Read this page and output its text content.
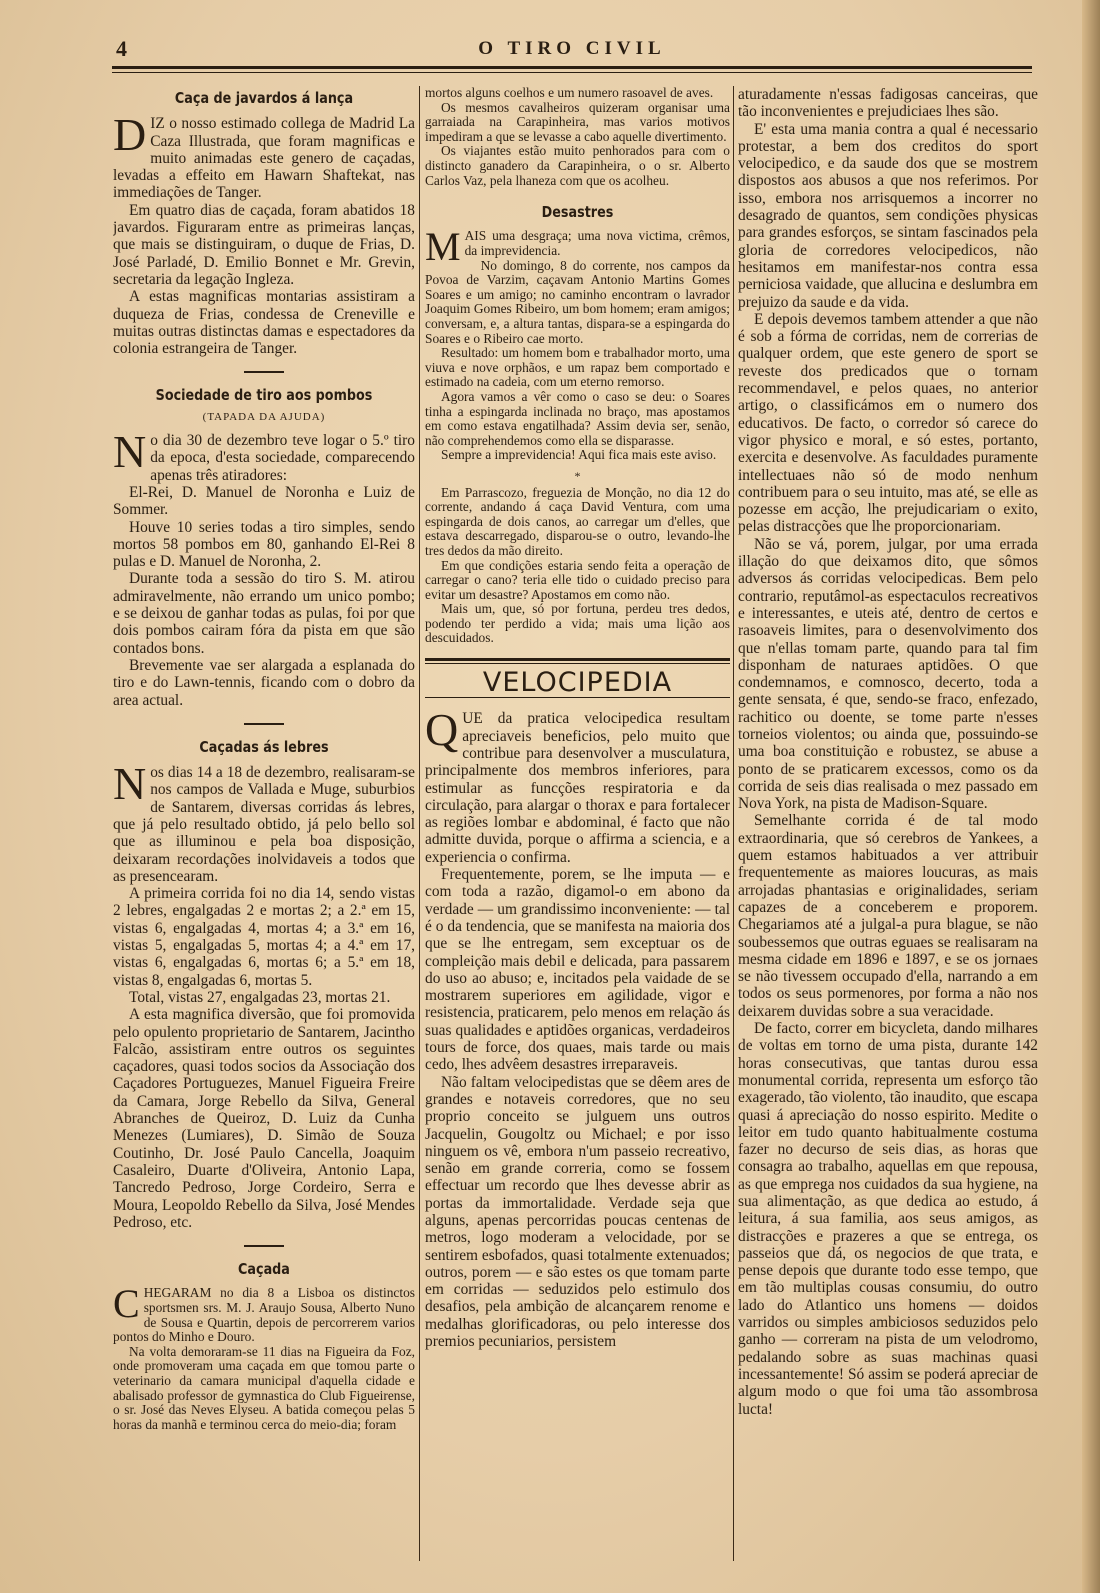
4	O TIRO CIVIL
Caça de javardos á lança

DIZ o nosso estimado collega de Madrid La Caza Illustrada, que foram magnificas e muito animadas este genero de caçadas, levadas a effeito em Hawarn Shaftekat, nas immediações de Tanger.

Em quatro dias de caçada, foram abatidos 18 javardos. Figuraram entre as primeiras lanças, que mais se distinguiram, o duque de Frias, D. José Parladé, D. Emilio Bonnet e Mr. Grevin, secretaria da legação Ingleza.

A estas magnificas montarias assistiram a duqueza de Frias, condessa de Creneville e muitas outras distinctas damas e espectadores da colonia estrangeira de Tanger.

Sociedade de tiro aos pombos
(TAPADA DA AJUDA)

No dia 30 de dezembro teve logar o 5.º tiro da epoca, d'esta sociedade, comparecendo apenas três atiradores:

El-Rei, D. Manuel de Noronha e Luiz de Sommer.

Houve 10 series todas a tiro simples, sendo mortos 58 pombos em 80, ganhando El-Rei 8 pulas e D. Manuel de Noronha, 2.

Durante toda a sessão do tiro S. M. atirou admiravelmente, não errando um unico pombo; e se deixou de ganhar todas as pulas, foi por que dois pombos cairam fóra da pista em que são contados bons.

Brevemente vae ser alargada a esplanada do tiro e do Lawn-tennis, ficando com o dobro da area actual.

Caçadas ás lebres

Nos dias 14 a 18 de dezembro, realisaram-se nos campos de Vallada e Muge, suburbios de Santarem, diversas corridas ás lebres, que já pelo resultado obtido, já pelo bello sol que as illuminou e pela boa disposição, deixaram recordações inolvidaveis a todos que as presencearam.

A primeira corrida foi no dia 14, sendo vistas 2 lebres, engalgadas 2 e mortas 2; a 2.ª em 15, vistas 6, engalgadas 4, mortas 4; a 3.ª em 16, vistas 5, engalgadas 5, mortas 4; a 4.ª em 17, vistas 6, engalgadas 6, mortas 6; a 5.ª em 18, vistas 8, engalgadas 6, mortas 5.

Total, vistas 27, engalgadas 23, mortas 21.

A esta magnifica diversão, que foi promovida pelo opulento proprietario de Santarem, Jacintho Falcão, assistiram entre outros os seguintes caçadores, quasi todos socios da Associação dos Caçadores Portuguezes, Manuel Figueira Freire da Camara, Jorge Rebello da Silva, General Abranches de Queiroz, D. Luiz da Cunha Menezes (Lumiares), D. Simão de Souza Coutinho, Dr. José Paulo Cancella, Joaquim Casaleiro, Duarte d'Oliveira, Antonio Lapa, Tancredo Pedroso, Jorge Cordeiro, Serra e Moura, Leopoldo Rebello da Silva, José Mendes Pedroso, etc.

Caçada

CHEGARAM no dia 8 a Lisboa os distinctos sportsmen srs. M. J. Araujo Sousa, Alberto Nuno de Sousa e Quartin, depois de percorrerem varios pontos do Minho e Douro.

Na volta demoraram-se 11 dias na Figueira da Foz, onde promoveram uma caçada em que tomou parte o veterinario da camara municipal d'aquella cidade e abalisado professor de gymnastica do Club Figueirense, o sr. José das Neves Elyseu. A batida começou pelas 5 horas da manhã e terminou cerca do meio-dia; foram

mortos alguns coelhos e um numero rasoavel de aves.

Os mesmos cavalheiros quizeram organisar uma garraiada na Carapinheira, mas varios motivos impediram a que se levasse a cabo aquelle divertimento.

Os viajantes estão muito penhorados para com o distincto ganadero da Carapinheira, o o sr. Alberto Carlos Vaz, pela lhaneza com que os acolheu.

Desastres

MAIS uma desgraça; uma nova victima, crêmos, da imprevidencia.

No domingo, 8 do corrente, nos campos da Povoa de Varzim, caçavam Antonio Martins Gomes Soares e um amigo; no caminho encontram o lavrador Joaquim Gomes Ribeiro, um bom homem; eram amigos; conversam, e, a altura tantas, dispara-se a espingarda do Soares e o Ribeiro cae morto.

Resultado: um homem bom e trabalhador morto, uma viuva e nove orphãos, e um rapaz bem comportado e estimado na cadeia, com um eterno remorso.

Agora vamos a vêr como o caso se deu: o Soares tinha a espingarda inclinada no braço, mas apostamos em como estava engatilhada? Assim devia ser, senão, não comprehendemos como ella se disparasse.

Sempre a imprevidencia! Aqui fica mais este aviso.

*

Em Parrascozo, freguezia de Monção, no dia 12 do corrente, andando á caça David Ventura, com uma espingarda de dois canos, ao carregar um d'elles, que estava descarregado, disparou-se o outro, levando-lhe tres dedos da mão direito.

Em que condições estaria sendo feita a operação de carregar o cano? teria elle tido o cuidado preciso para evitar um desastre? Apostamos em como não.

Mais um, que, só por fortuna, perdeu tres dedos, podendo ter perdido a vida; mais uma lição aos descuidados.

VELOCIPEDIA

QUE da pratica velocipedica resultam apreciaveis beneficios, pelo muito que contribue para desenvolver a musculatura, principalmente dos membros inferiores, para estimular as funcções respiratoria e da circulação, para alargar o thorax e para fortalecer as regiões lombar e abdominal, é facto que não admitte duvida, porque o affirma a sciencia, e a experiencia o confirma.

Frequentemente, porem, se lhe imputa — e com toda a razão, digamol-o em abono da verdade — um grandissimo inconveniente: — tal é o da tendencia, que se manifesta na maioria dos que se lhe entregam, sem exceptuar os de compleição mais debil e delicada, para passarem do uso ao abuso; e, incitados pela vaidade de se mostrarem superiores em agilidade, vigor e resistencia, praticarem, pelo menos em relação ás suas qualidades e aptidões organicas, verdadeiros tours de force, dos quaes, mais tarde ou mais cedo, lhes advêem desastres irreparaveis.

Não faltam velocipedistas que se dêem ares de grandes e notaveis corredores, que no seu proprio conceito se julguem uns outros Jacquelin, Gougoltz ou Michael; e por isso ninguem os vê, embora n'um passeio recreativo, senão em grande correria, como se fossem effectuar um recordo que lhes devesse abrir as portas da immortalidade. Verdade seja que alguns, apenas percorridas poucas centenas de metros, logo moderam a velocidade, por se sentirem esbofados, quasi totalmente extenuados; outros, porem — e são estes os que tomam parte em corridas — seduzidos pelo estimulo dos desafios, pela ambição de alcançarem renome e medalhas glorificadoras, ou pelo interesse dos premios pecuniarios, persistem

aturadamente n'essas fadigosas canceiras, que tão inconvenientes e prejudiciaes lhes são.

E' esta uma mania contra a qual é necessario protestar, a bem dos creditos do sport velocipedico, e da saude dos que se mostrem dispostos aos abusos a que nos referimos. Por isso, embora nos arrisquemos a incorrer no desagrado de quantos, sem condições physicas para grandes esforços, se sintam fascinados pela gloria de corredores velocipedicos, não hesitamos em manifestar-nos contra essa perniciosa vaidade, que allucina e deslumbra em prejuizo da saude e da vida.

E depois devemos tambem attender a que não é sob a fórma de corridas, nem de correrias de qualquer ordem, que este genero de sport se reveste dos predicados que o tornam recommendavel, e pelos quaes, no anterior artigo, o classificámos em o numero dos educativos. De facto, o corredor só carece do vigor physico e moral, e só estes, portanto, exercita e desenvolve. As faculdades puramente intellectuaes não só de modo nenhum contribuem para o seu intuito, mas até, se elle as pozesse em acção, lhe prejudicariam o exito, pelas distracções que lhe proporcionariam.

Não se vá, porem, julgar, por uma errada illação do que deixamos dito, que sômos adversos ás corridas velocipedicas. Bem pelo contrario, reputâmol-as espectaculos recreativos e interessantes, e uteis até, dentro de certos e rasoaveis limites, para o desenvolvimento dos que n'ellas tomam parte, quando para tal fim disponham de naturaes aptidões. O que condemnamos, e comnosco, decerto, toda a gente sensata, é que, sendo-se fraco, enfezado, rachitico ou doente, se tome parte n'esses torneios violentos; ou ainda que, possuindo-se uma boa constituição e robustez, se abuse a ponto de se praticarem excessos, como os da corrida de seis dias realisada o mez passado em Nova York, na pista de Madison-Square.

Semelhante corrida é de tal modo extraordinaria, que só cerebros de Yankees, a quem estamos habituados a ver attribuir frequentemente as maiores loucuras, as mais arrojadas phantasias e originalidades, seriam capazes de a conceberem e proporem. Chegariamos até a julgal-a pura blague, se não soubessemos que outras eguaes se realisaram na mesma cidade em 1896 e 1897, e se os jornaes se não tivessem occupado d'ella, narrando a em todos os seus pormenores, por forma a não nos deixarem duvidas sobre a sua veracidade.

De facto, correr em bicycleta, dando milhares de voltas em torno de uma pista, durante 142 horas consecutivas, que tantas durou essa monumental corrida, representa um esforço tão exagerado, tão violento, tão inaudito, que escapa quasi á apreciação do nosso espirito. Medite o leitor em tudo quanto habitualmente costuma fazer no decurso de seis dias, as horas que consagra ao trabalho, aquellas em que repousa, as que emprega nos cuidados da sua hygiene, na sua alimentação, as que dedica ao estudo, á leitura, á sua familia, aos seus amigos, as distracções e prazeres a que se entrega, os passeios que dá, os negocios de que trata, e pense depois que durante todo esse tempo, que em tão multiplas cousas consumiu, do outro lado do Atlantico uns homens — doidos varridos ou simples ambiciosos seduzidos pelo ganho — correram na pista de um velodromo, pedalando sobre as suas machinas quasi incessantemente! Só assim se poderá apreciar de algum modo o que foi uma tão assombrosa lucta!
